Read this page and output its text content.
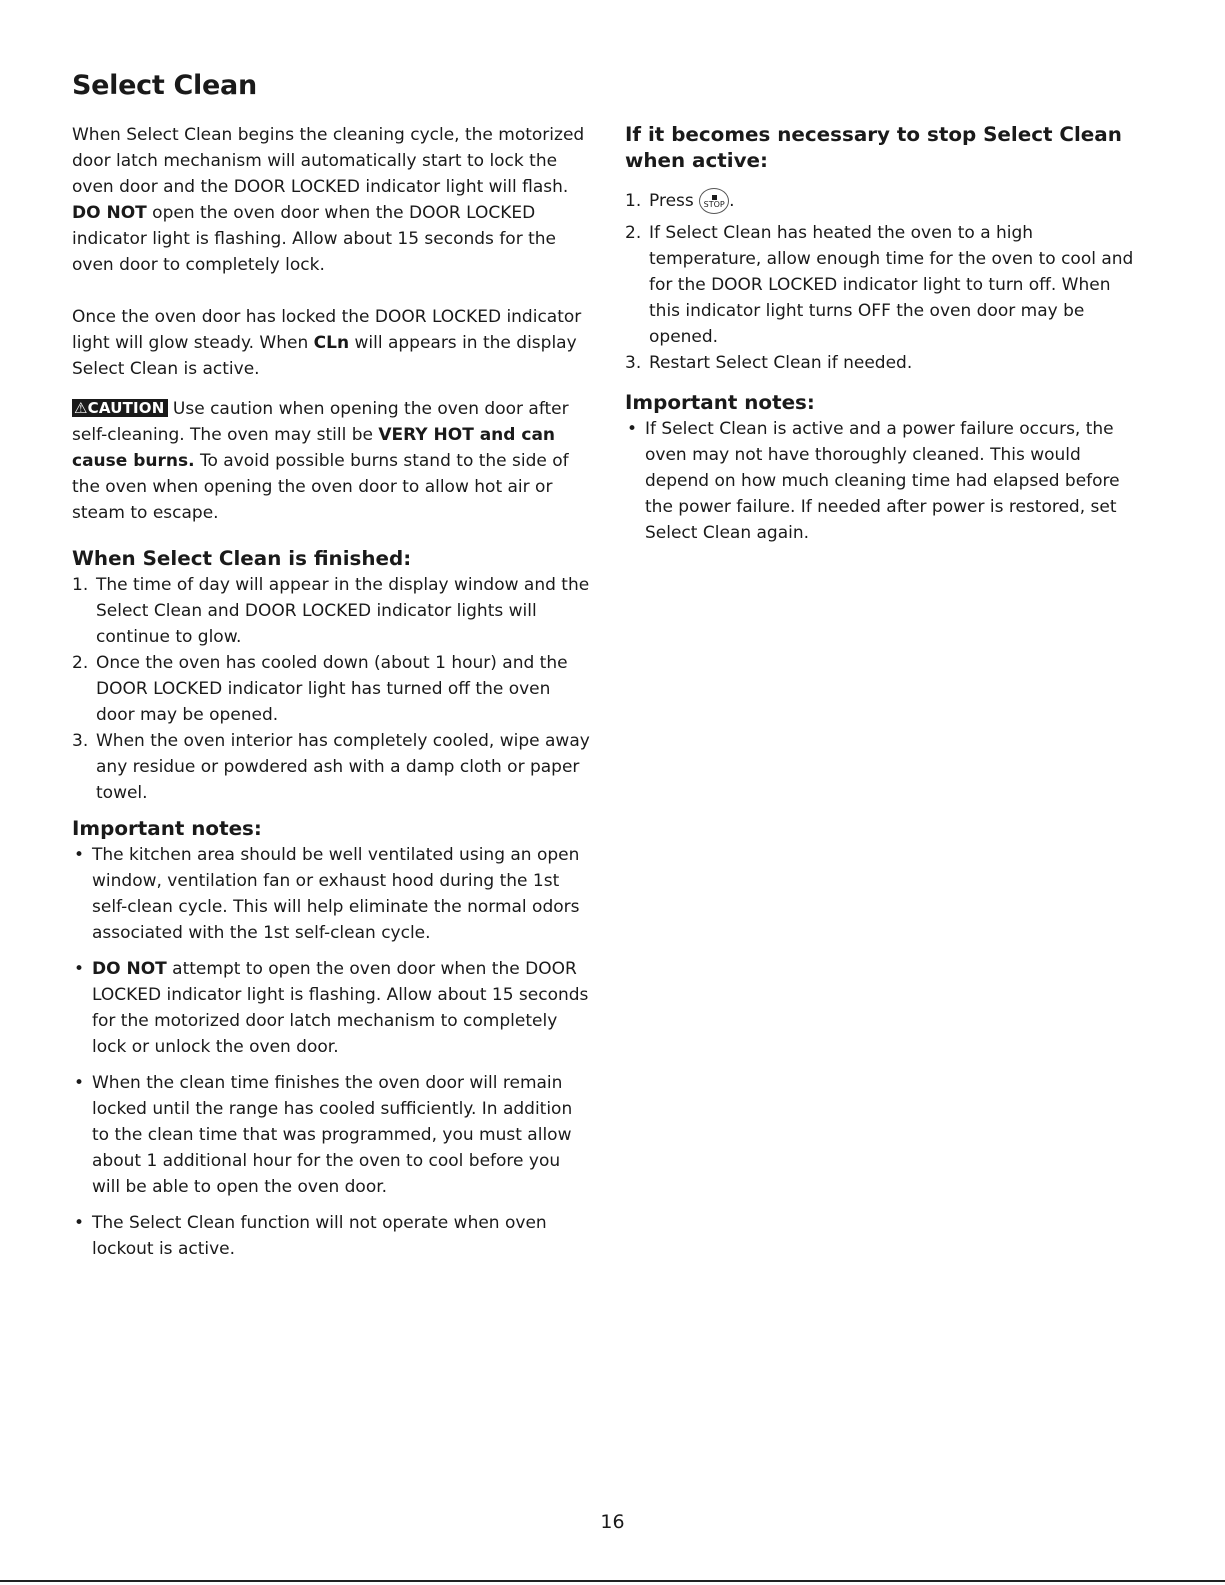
Select Clean

When Select Clean begins the cleaning cycle, the motorized door latch mechanism will automatically start to lock the oven door and the DOOR LOCKED indicator light will flash. DO NOT open the oven door when the DOOR LOCKED indicator light is flashing. Allow about 15 seconds for the oven door to completely lock.

Once the oven door has locked the DOOR LOCKED indicator light will glow steady. When CLn will appears in the display Select Clean is active.

⚠CAUTION Use caution when opening the oven door after self-cleaning. The oven may still be VERY HOT and can cause burns. To avoid possible burns stand to the side of the oven when opening the oven door to allow hot air or steam to escape.

When Select Clean is finished:
1. The time of day will appear in the display window and the Select Clean and DOOR LOCKED indicator lights will continue to glow.
2. Once the oven has cooled down (about 1 hour) and the DOOR LOCKED indicator light has turned off the oven door may be opened.
3. When the oven interior has completely cooled, wipe away any residue or powdered ash with a damp cloth or paper towel.
Important notes:
• The kitchen area should be well ventilated using an open window, ventilation fan or exhaust hood during the 1st self-clean cycle. This will help eliminate the normal odors associated with the 1st self-clean cycle.
• DO NOT attempt to open the oven door when the DOOR LOCKED indicator light is flashing. Allow about 15 seconds for the motorized door latch mechanism to completely lock or unlock the oven door.
• When the clean time finishes the oven door will remain locked until the range has cooled sufficiently. In addition to the clean time that was programmed, you must allow about 1 additional hour for the oven to cool before you will be able to open the oven door.
• The Select Clean function will not operate when oven lockout is active.
If it becomes necessary to stop Select Clean when active:
1. Press STOP .
2. If Select Clean has heated the oven to a high temperature, allow enough time for the oven to cool and for the DOOR LOCKED indicator light to turn off. When this indicator light turns OFF the oven door may be opened.
3. Restart Select Clean if needed.
Important notes:
• If Select Clean is active and a power failure occurs, the oven may not have thoroughly cleaned. This would depend on how much cleaning time had elapsed before the power failure. If needed after power is restored, set Select Clean again.
16
